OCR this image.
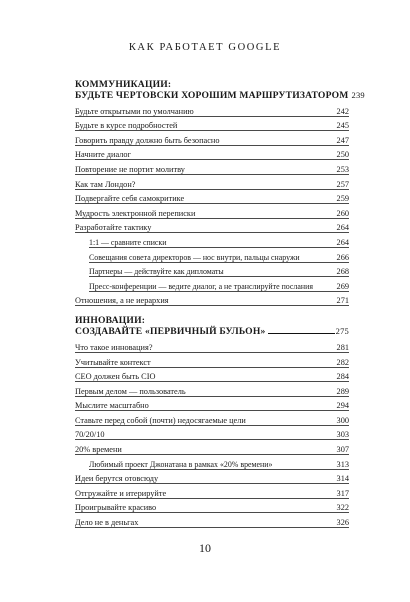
КАК РАБОТАЕТ GOOGLE
КОММУНИКАЦИИ:
БУДЬТЕ ЧЕРТОВСКИ ХОРОШИМ МАРШРУТИЗАТОРОМ 239
Будьте открытыми по умолчанию	242
Будьте в курсе подробностей	245
Говорить правду должно быть безопасно	247
Начните диалог	250
Повторение не портит молитву	253
Как там Лондон?	257
Подвергайте себя самокритике	259
Мудрость электронной переписки	260
Разработайте тактику	264
1:1 — сравните списки	264
Совещания совета директоров — нос внутри, пальцы снаружи	266
Партнеры — действуйте как дипломаты	268
Пресс-конференции — ведите диалог, а не транслируйте послания	269
Отношения, а не иерархия	271
ИННОВАЦИИ:
СОЗДАВАЙТЕ «ПЕРВИЧНЫЙ БУЛЬОН»	275
Что такое инновация?	281
Учитывайте контекст	282
CEO должен быть CIO	284
Первым делом — пользователь	289
Мыслите масштабно	294
Ставьте перед собой (почти) недосягаемые цели	300
70/20/10	303
20% времени	307
Любимый проект Джонатана в рамках «20% времени»	313
Идеи берутся отовсюду	314
Отгружайте и итерируйте	317
Проигрывайте красиво	322
Дело не в деньгах	326
10
